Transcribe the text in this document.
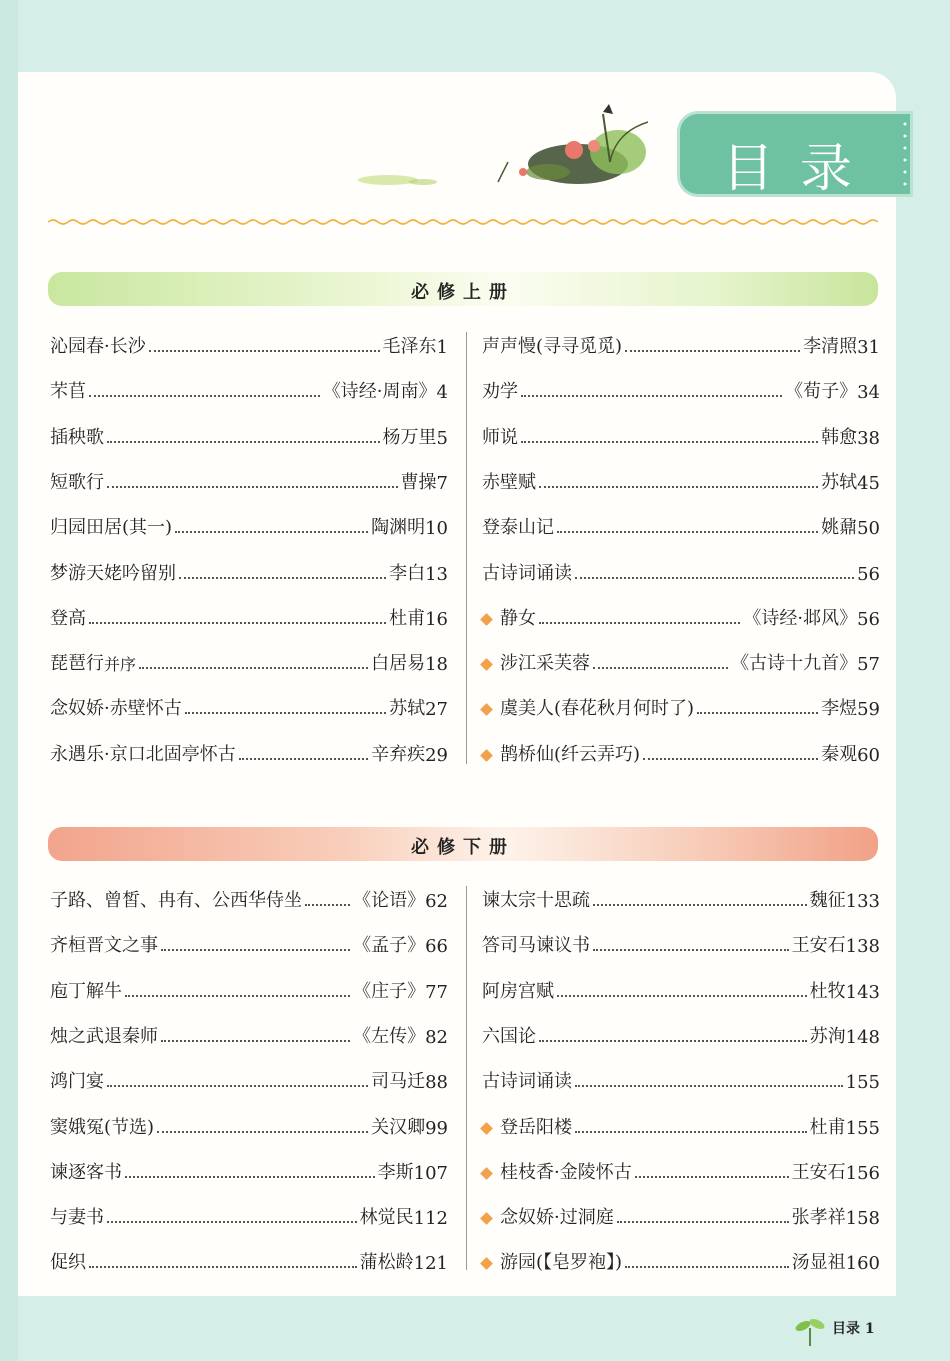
目录
必修上册
沁园春·长沙	毛泽东 1
芣苢	《诗经·周南》 4
插秧歌	杨万里 5
短歌行	曹操 7
归园田居(其一)	陶渊明 10
梦游天姥吟留别	李白 13
登高	杜甫 16
琵琶行 并序	白居易 18
念奴娇·赤壁怀古	苏轼 27
永遇乐·京口北固亭怀古	辛弃疾 29
声声慢(寻寻觅觅)	李清照 31
劝学	《荀子》 34
师说	韩愈 38
赤壁赋	苏轼 45
登泰山记	姚鼐 50
古诗词诵读	56
静女	《诗经·邶风》 56
涉江采芙蓉	《古诗十九首》 57
虞美人(春花秋月何时了)	李煜 59
鹊桥仙(纤云弄巧)	秦观 60
必修下册
子路、曾皙、冉有、公西华侍坐	《论语》 62
齐桓晋文之事	《孟子》 66
庖丁解牛	《庄子》 77
烛之武退秦师	《左传》 82
鸿门宴	司马迁 88
窦娥冤(节选)	关汉卿 99
谏逐客书	李斯 107
与妻书	林觉民 112
促织	蒲松龄 121
谏太宗十思疏	魏征 133
答司马谏议书	王安石 138
阿房宫赋	杜牧 143
六国论	苏洵 148
古诗词诵读	155
登岳阳楼	杜甫 155
桂枝香·金陵怀古	王安石 156
念奴娇·过洞庭	张孝祥 158
游园(【皂罗袍】)	汤显祖 160
目录 1
